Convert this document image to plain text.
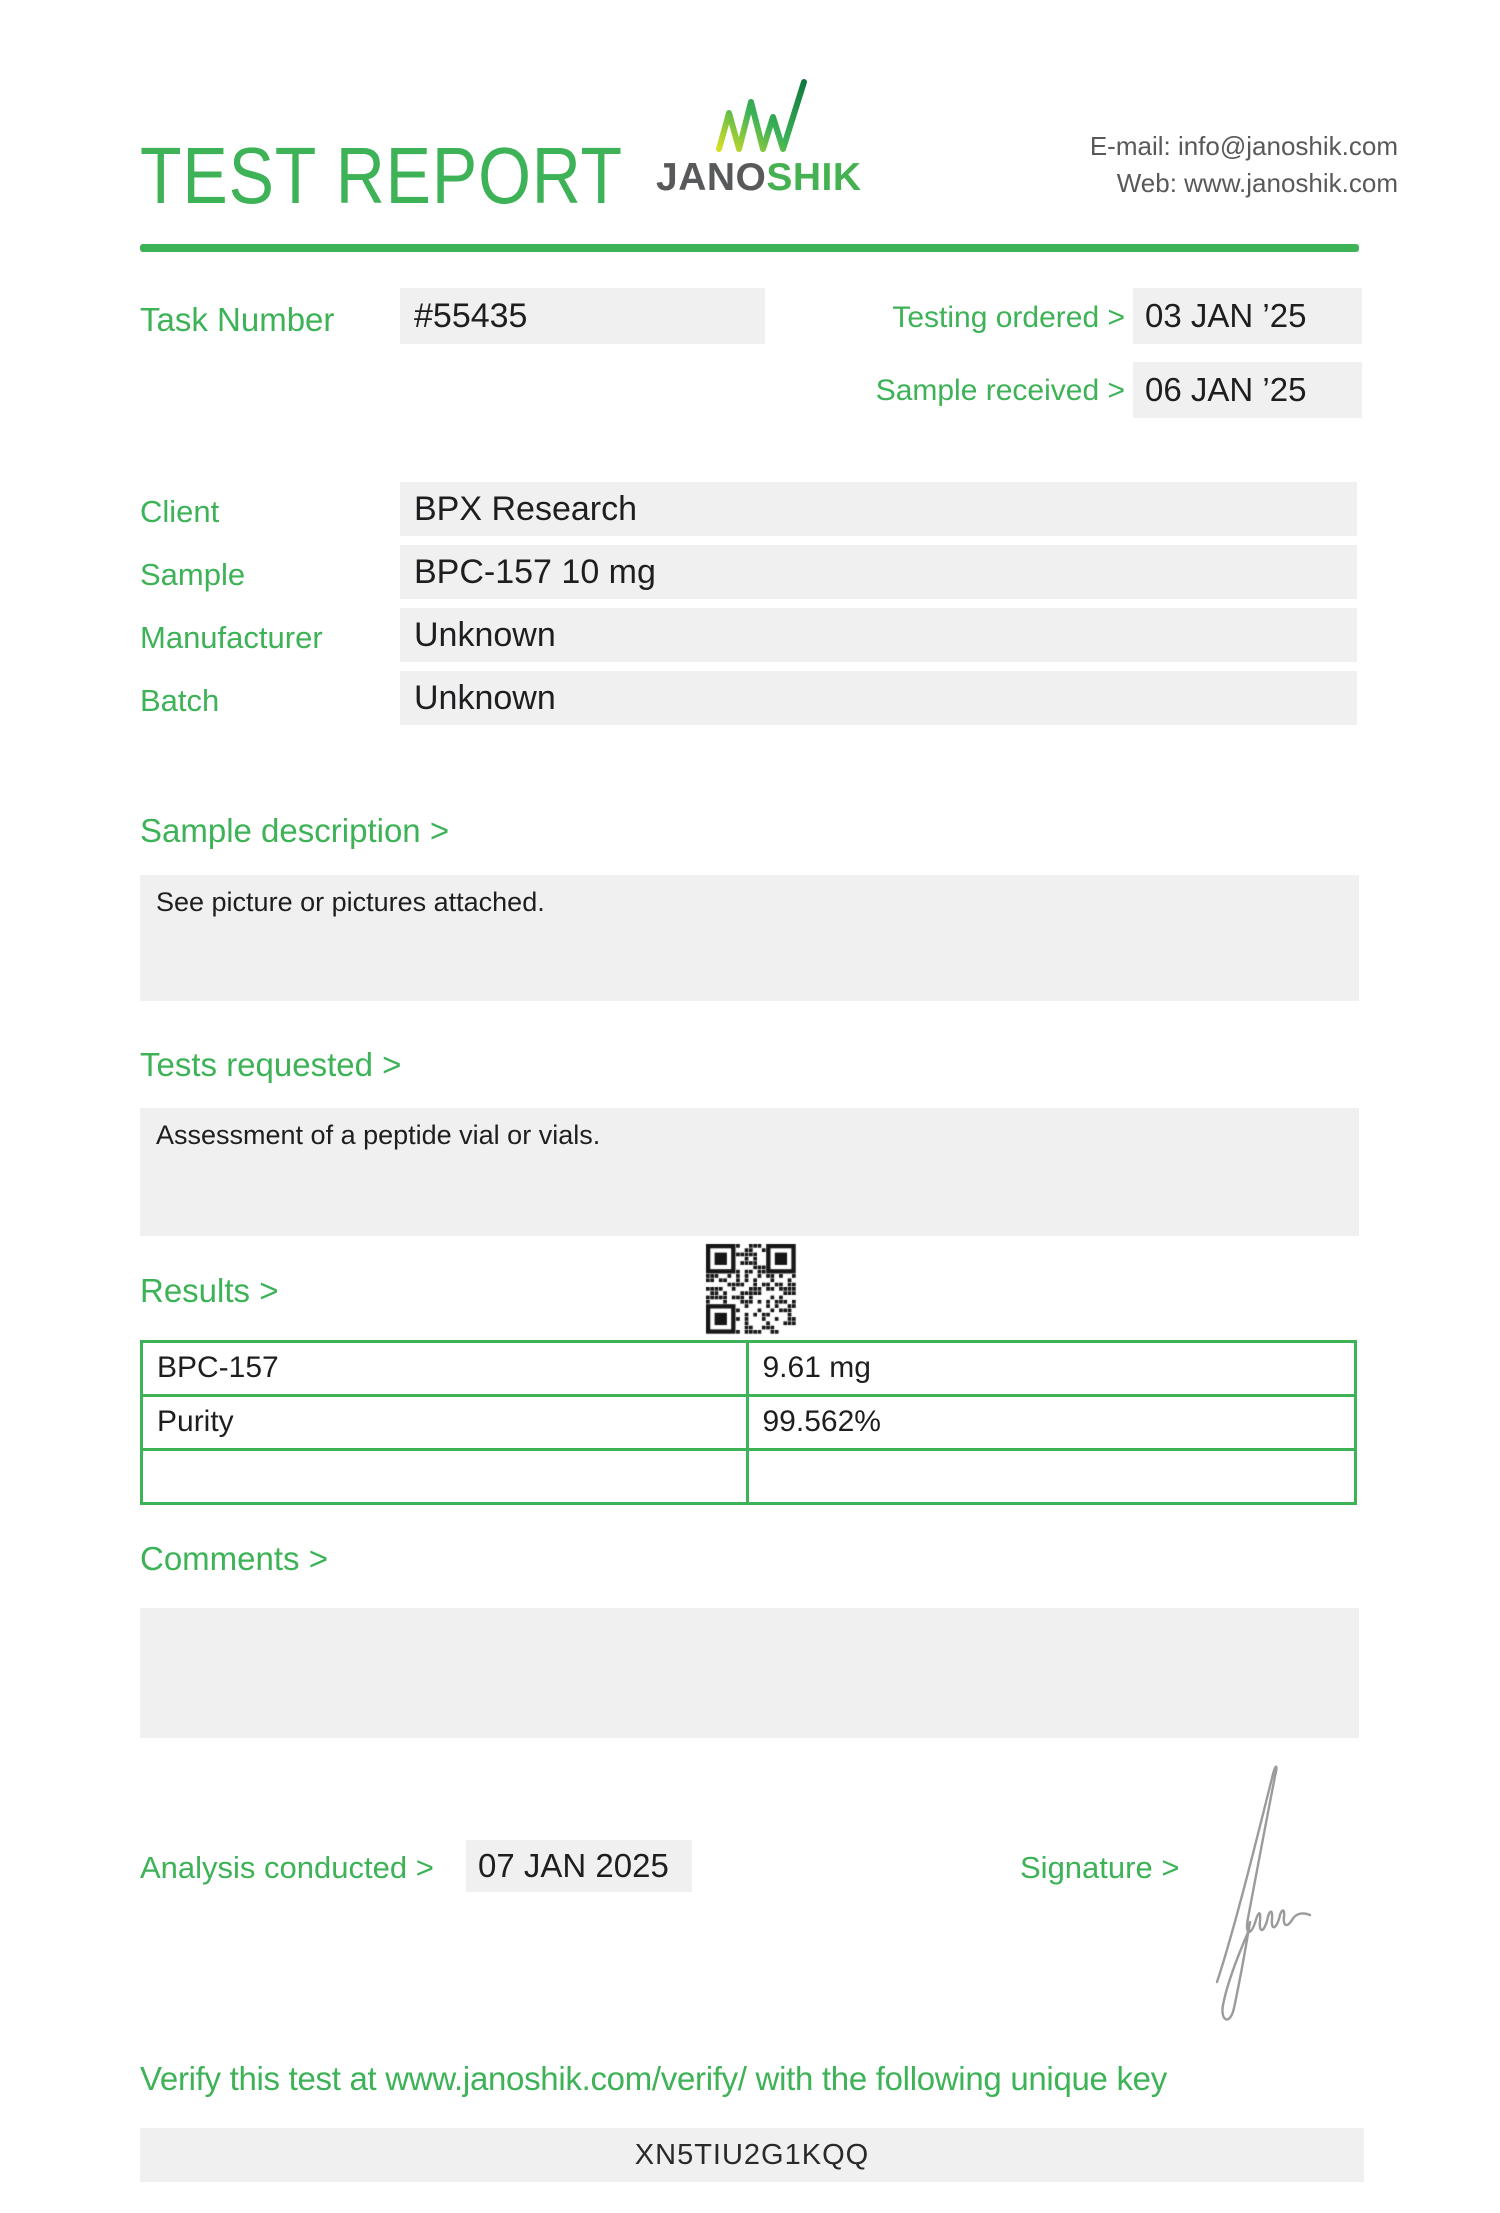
TEST REPORT JANOSHIK
E-mail: info@janoshik.com
Web: www.janoshik.com
Task Number	#55435	Testing ordered > 03 JAN ’25
Sample received > 06 JAN ’25
Client	BPX Research
Sample	BPC-157 10 mg
Manufacturer	Unknown
Batch	Unknown
Sample description >
See picture or pictures attached.
Tests requested >
Assessment of a peptide vial or vials.
Results >
BPC-157	9.61 mg
Purity	99.562%
Comments >
Analysis conducted >	07 JAN 2025	Signature >
Verify this test at www.janoshik.com/verify/ with the following unique key
XN5TIU2G1KQQ
